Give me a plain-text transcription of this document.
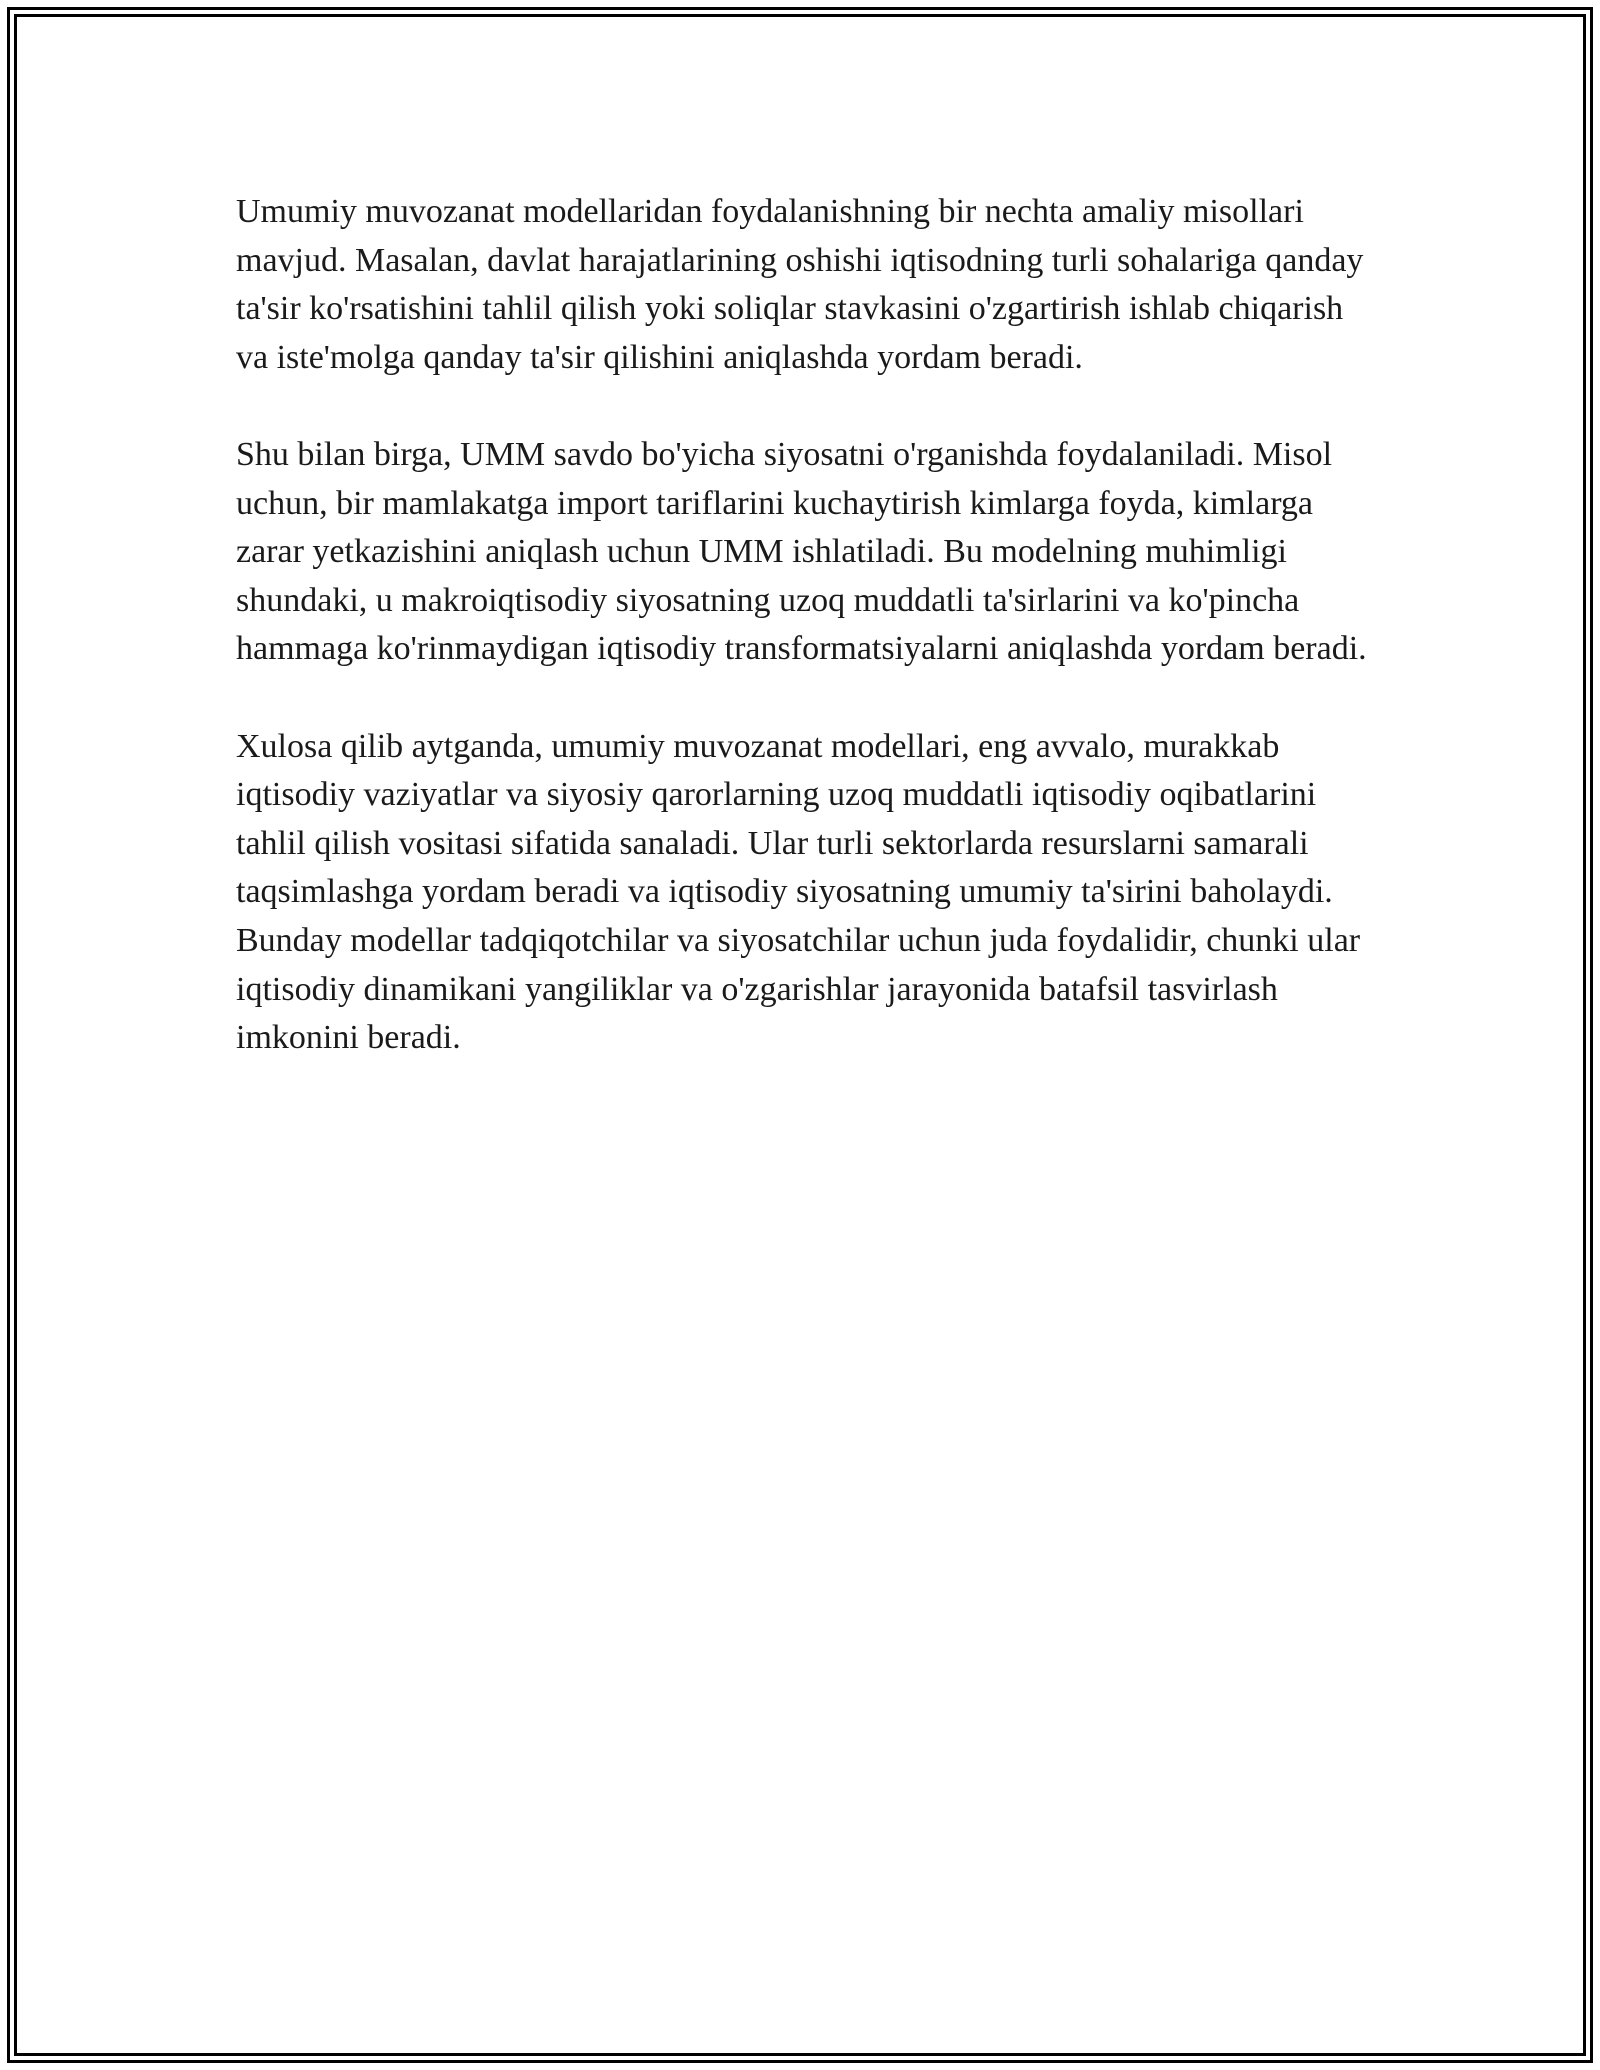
Umumiy muvozanat modellaridan foydalanishning bir nechta amaliy misollari mavjud. Masalan, davlat harajatlarining oshishi iqtisodning turli sohalariga qanday ta'sir ko'rsatishini tahlil qilish yoki soliqlar stavkasini o'zgartirish ishlab chiqarish va iste'molga qanday ta'sir qilishini aniqlashda yordam beradi.

Shu bilan birga, UMM savdo bo'yicha siyosatni o'rganishda foydalaniladi. Misol uchun, bir mamlakatga import tariflarini kuchaytirish kimlarga foyda, kimlarga zarar yetkazishini aniqlash uchun UMM ishlatiladi. Bu modelning muhimligi shundaki, u makroiqtisodiy siyosatning uzoq muddatli ta'sirlarini va ko'pincha hammaga ko'rinmaydigan iqtisodiy transformatsiyalarni aniqlashda yordam beradi.

Xulosa qilib aytganda, umumiy muvozanat modellari, eng avvalo, murakkab iqtisodiy vaziyatlar va siyosiy qarorlarning uzoq muddatli iqtisodiy oqibatlarini tahlil qilish vositasi sifatida sanaladi. Ular turli sektorlarda resurslarni samarali taqsimlashga yordam beradi va iqtisodiy siyosatning umumiy ta'sirini baholaydi. Bunday modellar tadqiqotchilar va siyosatchilar uchun juda foydalidir, chunki ular iqtisodiy dinamikani yangiliklar va o'zgarishlar jarayonida batafsil tasvirlash imkonini beradi.
